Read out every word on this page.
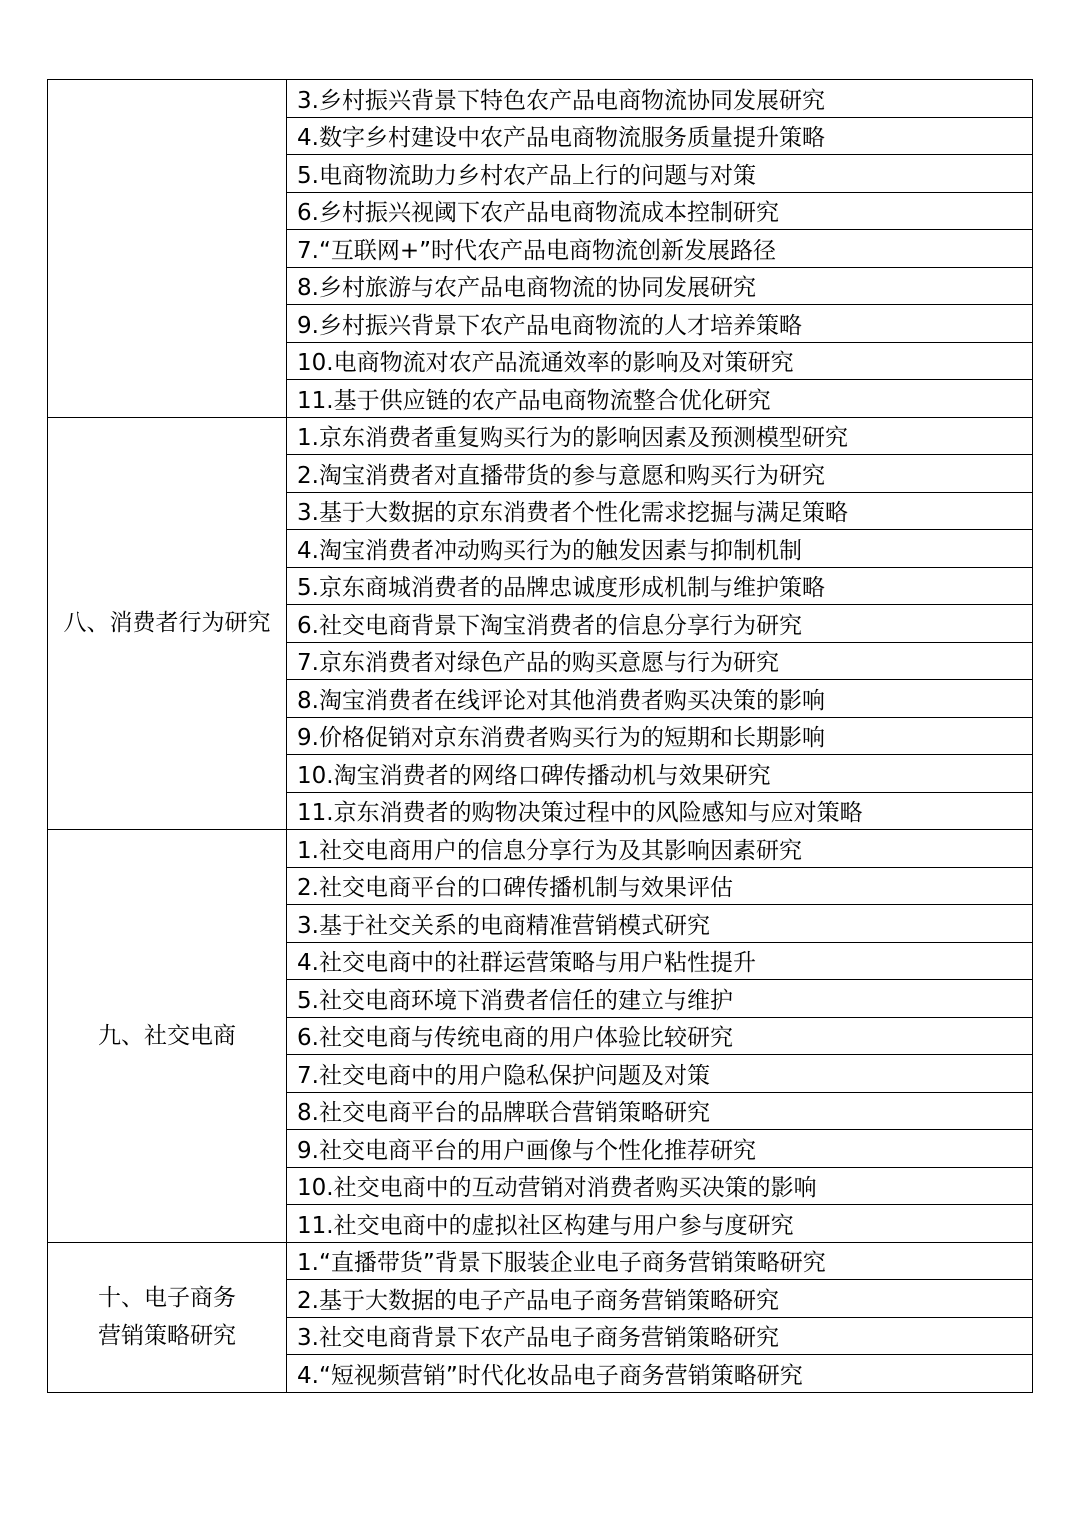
	3.乡村振兴背景下特色农产品电商物流协同发展研究
	4.数字乡村建设中农产品电商物流服务质量提升策略
	5.电商物流助力乡村农产品上行的问题与对策
	6.乡村振兴视阈下农产品电商物流成本控制研究
	7.“互联网+”时代农产品电商物流创新发展路径
	8.乡村旅游与农产品电商物流的协同发展研究
	9.乡村振兴背景下农产品电商物流的人才培养策略
	10.电商物流对农产品流通效率的影响及对策研究
	11.基于供应链的农产品电商物流整合优化研究

八、消费者行为研究	1.京东消费者重复购买行为的影响因素及预测模型研究
	2.淘宝消费者对直播带货的参与意愿和购买行为研究
	3.基于大数据的京东消费者个性化需求挖掘与满足策略
	4.淘宝消费者冲动购买行为的触发因素与抑制机制
	5.京东商城消费者的品牌忠诚度形成机制与维护策略
	6.社交电商背景下淘宝消费者的信息分享行为研究
	7.京东消费者对绿色产品的购买意愿与行为研究
	8.淘宝消费者在线评论对其他消费者购买决策的影响
	9.价格促销对京东消费者购买行为的短期和长期影响
	10.淘宝消费者的网络口碑传播动机与效果研究
	11.京东消费者的购物决策过程中的风险感知与应对策略

九、社交电商	1.社交电商用户的信息分享行为及其影响因素研究
	2.社交电商平台的口碑传播机制与效果评估
	3.基于社交关系的电商精准营销模式研究
	4.社交电商中的社群运营策略与用户粘性提升
	5.社交电商环境下消费者信任的建立与维护
	6.社交电商与传统电商的用户体验比较研究
	7.社交电商中的用户隐私保护问题及对策
	8.社交电商平台的品牌联合营销策略研究
	9.社交电商平台的用户画像与个性化推荐研究
	10.社交电商中的互动营销对消费者购买决策的影响
	11.社交电商中的虚拟社区构建与用户参与度研究

十、电子商务
营销策略研究	1.“直播带货”背景下服装企业电子商务营销策略研究
	2.基于大数据的电子产品电子商务营销策略研究
	3.社交电商背景下农产品电子商务营销策略研究
	4.“短视频营销”时代化妆品电子商务营销策略研究
